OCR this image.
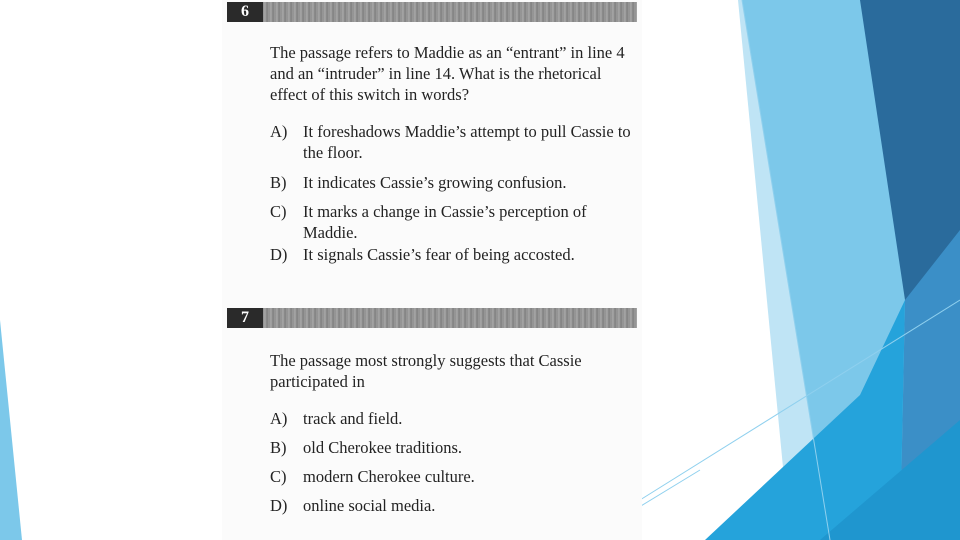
6
The passage refers to Maddie as an “entrant” in line 4 and an “intruder” in line 14. What is the rhetorical effect of this switch in words?
A) It foreshadows Maddie’s attempt to pull Cassie to the floor.
B) It indicates Cassie’s growing confusion.
C) It marks a change in Cassie’s perception of Maddie.
D) It signals Cassie’s fear of being accosted.
7
The passage most strongly suggests that Cassie participated in
A) track and field.
B) old Cherokee traditions.
C) modern Cherokee culture.
D) online social media.
